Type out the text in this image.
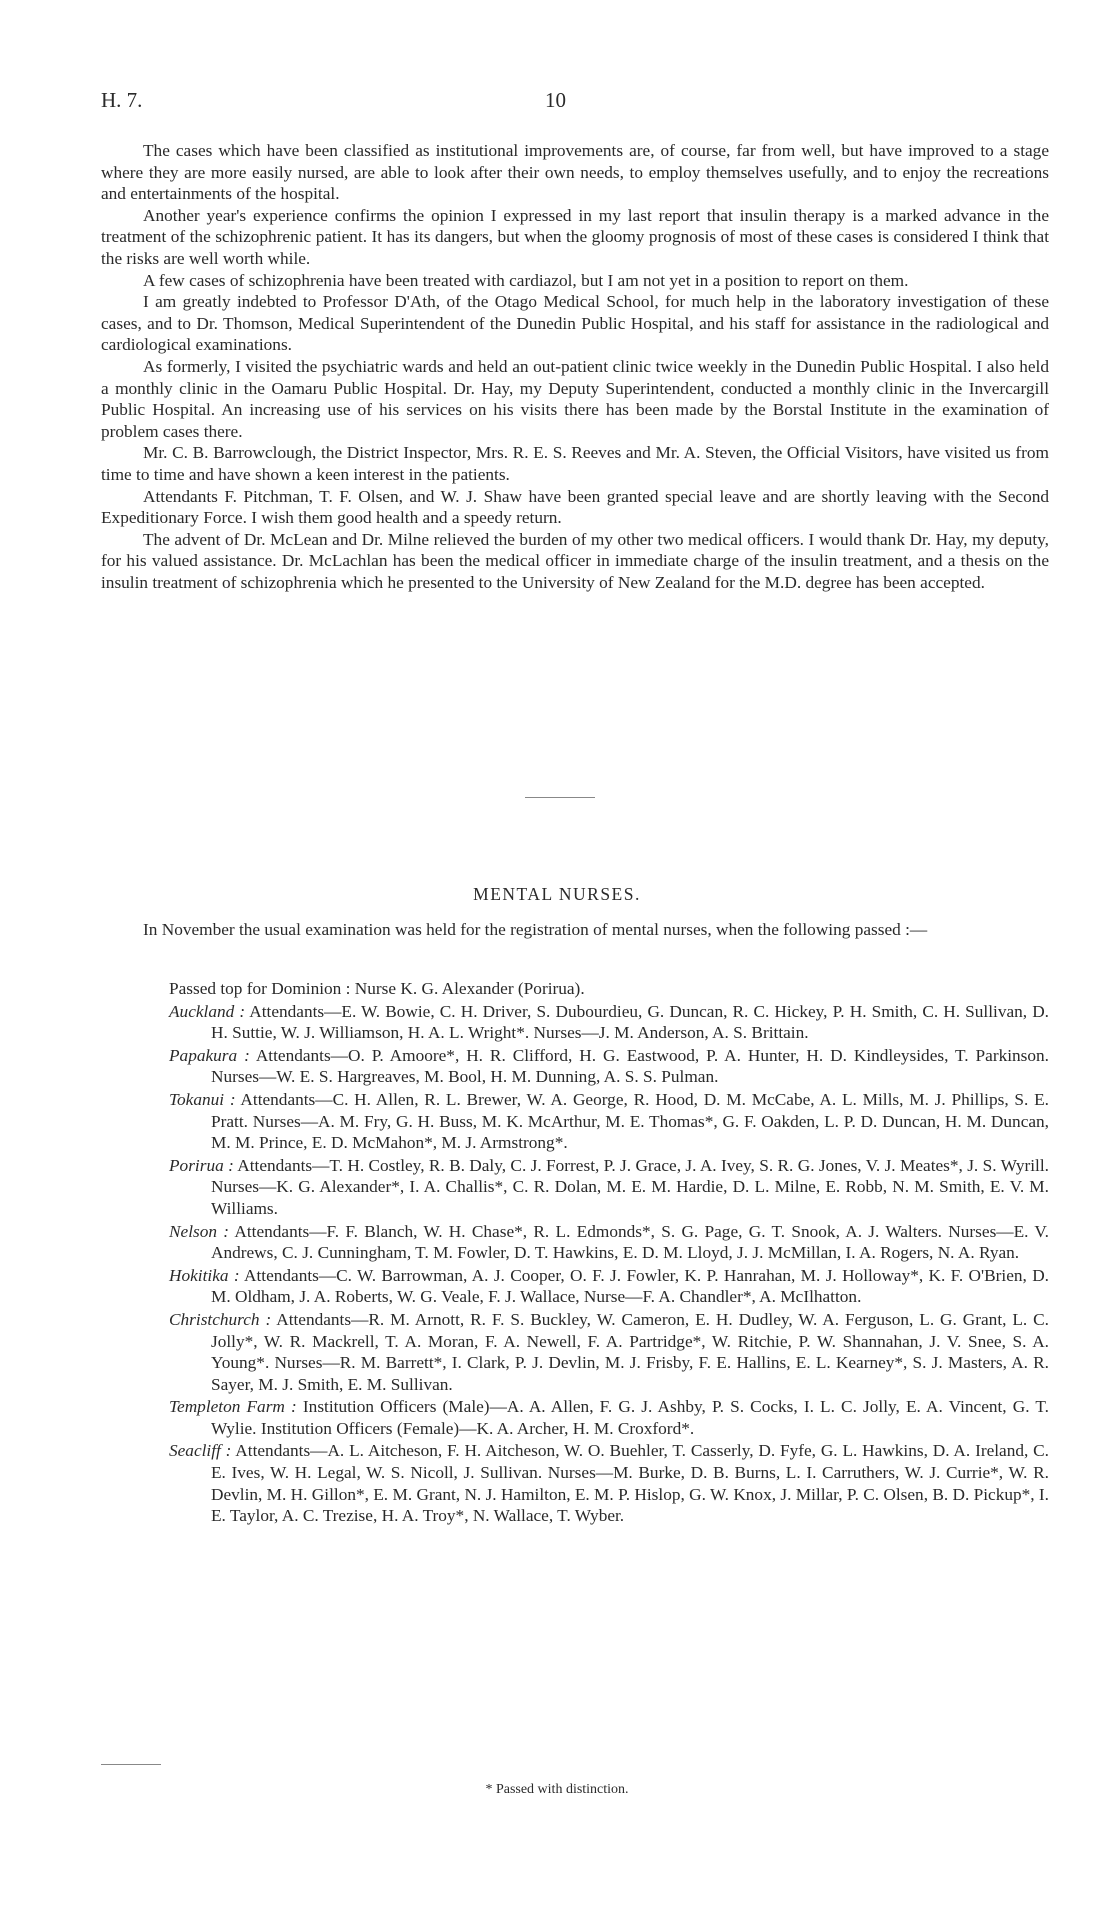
H. 7.	10

The cases which have been classified as institutional improvements are, of course, far from well, but have improved to a stage where they are more easily nursed, are able to look after their own needs, to employ themselves usefully, and to enjoy the recreations and entertainments of the hospital.

Another year's experience confirms the opinion I expressed in my last report that insulin therapy is a marked advance in the treatment of the schizophrenic patient. It has its dangers, but when the gloomy prognosis of most of these cases is considered I think that the risks are well worth while.

A few cases of schizophrenia have been treated with cardiazol, but I am not yet in a position to report on them.

I am greatly indebted to Professor D'Ath, of the Otago Medical School, for much help in the laboratory investigation of these cases, and to Dr. Thomson, Medical Superintendent of the Dunedin Public Hospital, and his staff for assistance in the radiological and cardiological examinations.

As formerly, I visited the psychiatric wards and held an out-patient clinic twice weekly in the Dunedin Public Hospital. I also held a monthly clinic in the Oamaru Public Hospital. Dr. Hay, my Deputy Superintendent, conducted a monthly clinic in the Invercargill Public Hospital. An increasing use of his services on his visits there has been made by the Borstal Institute in the examination of problem cases there.

Mr. C. B. Barrowclough, the District Inspector, Mrs. R. E. S. Reeves and Mr. A. Steven, the Official Visitors, have visited us from time to time and have shown a keen interest in the patients.

Attendants F. Pitchman, T. F. Olsen, and W. J. Shaw have been granted special leave and are shortly leaving with the Second Expeditionary Force. I wish them good health and a speedy return.

The advent of Dr. McLean and Dr. Milne relieved the burden of my other two medical officers. I would thank Dr. Hay, my deputy, for his valued assistance. Dr. McLachlan has been the medical officer in immediate charge of the insulin treatment, and a thesis on the insulin treatment of schizophrenia which he presented to the University of New Zealand for the M.D. degree has been accepted.

MENTAL NURSES.

In November the usual examination was held for the registration of mental nurses, when the following passed :—

Passed top for Dominion : Nurse K. G. Alexander (Porirua).

Auckland : Attendants—E. W. Bowie, C. H. Driver, S. Dubourdieu, G. Duncan, R. C. Hickey, P. H. Smith, C. H. Sullivan, D. H. Suttie, W. J. Williamson, H. A. L. Wright*. Nurses—J. M. Anderson, A. S. Brittain.

Papakura : Attendants—O. P. Amoore*, H. R. Clifford, H. G. Eastwood, P. A. Hunter, H. D. Kindleysides, T. Parkinson. Nurses—W. E. S. Hargreaves, M. Bool, H. M. Dunning, A. S. S. Pulman.

Tokanui : Attendants—C. H. Allen, R. L. Brewer, W. A. George, R. Hood, D. M. McCabe, A. L. Mills, M. J. Phillips, S. E. Pratt. Nurses—A. M. Fry, G. H. Buss, M. K. McArthur, M. E. Thomas*, G. F. Oakden, L. P. D. Duncan, H. M. Duncan, M. M. Prince, E. D. McMahon*, M. J. Armstrong*.

Porirua : Attendants—T. H. Costley, R. B. Daly, C. J. Forrest, P. J. Grace, J. A. Ivey, S. R. G. Jones, V. J. Meates*, J. S. Wyrill. Nurses—K. G. Alexander*, I. A. Challis*, C. R. Dolan, M. E. M. Hardie, D. L. Milne, E. Robb, N. M. Smith, E. V. M. Williams.

Nelson : Attendants—F. F. Blanch, W. H. Chase*, R. L. Edmonds*, S. G. Page, G. T. Snook, A. J. Walters. Nurses—E. V. Andrews, C. J. Cunningham, T. M. Fowler, D. T. Hawkins, E. D. M. Lloyd, J. J. McMillan, I. A. Rogers, N. A. Ryan.

Hokitika : Attendants—C. W. Barrowman, A. J. Cooper, O. F. J. Fowler, K. P. Hanrahan, M. J. Holloway*, K. F. O'Brien, D. M. Oldham, J. A. Roberts, W. G. Veale, F. J. Wallace, Nurse—F. A. Chandler*, A. McIlhatton.

Christchurch : Attendants—R. M. Arnott, R. F. S. Buckley, W. Cameron, E. H. Dudley, W. A. Ferguson, L. G. Grant, L. C. Jolly*, W. R. Mackrell, T. A. Moran, F. A. Newell, F. A. Partridge*, W. Ritchie, P. W. Shannahan, J. V. Snee, S. A. Young*. Nurses—R. M. Barrett*, I. Clark, P. J. Devlin, M. J. Frisby, F. E. Hallins, E. L. Kearney*, S. J. Masters, A. R. Sayer, M. J. Smith, E. M. Sullivan.

Templeton Farm : Institution Officers (Male)—A. A. Allen, F. G. J. Ashby, P. S. Cocks, I. L. C. Jolly, E. A. Vincent, G. T. Wylie. Institution Officers (Female)—K. A. Archer, H. M. Croxford*.

Seacliff : Attendants—A. L. Aitcheson, F. H. Aitcheson, W. O. Buehler, T. Casserly, D. Fyfe, G. L. Hawkins, D. A. Ireland, C. E. Ives, W. H. Legal, W. S. Nicoll, J. Sullivan. Nurses—M. Burke, D. B. Burns, L. I. Carruthers, W. J. Currie*, W. R. Devlin, M. H. Gillon*, E. M. Grant, N. J. Hamilton, E. M. P. Hislop, G. W. Knox, J. Millar, P. C. Olsen, B. D. Pickup*, I. E. Taylor, A. C. Trezise, H. A. Troy*, N. Wallace, T. Wyber.

* Passed with distinction.
